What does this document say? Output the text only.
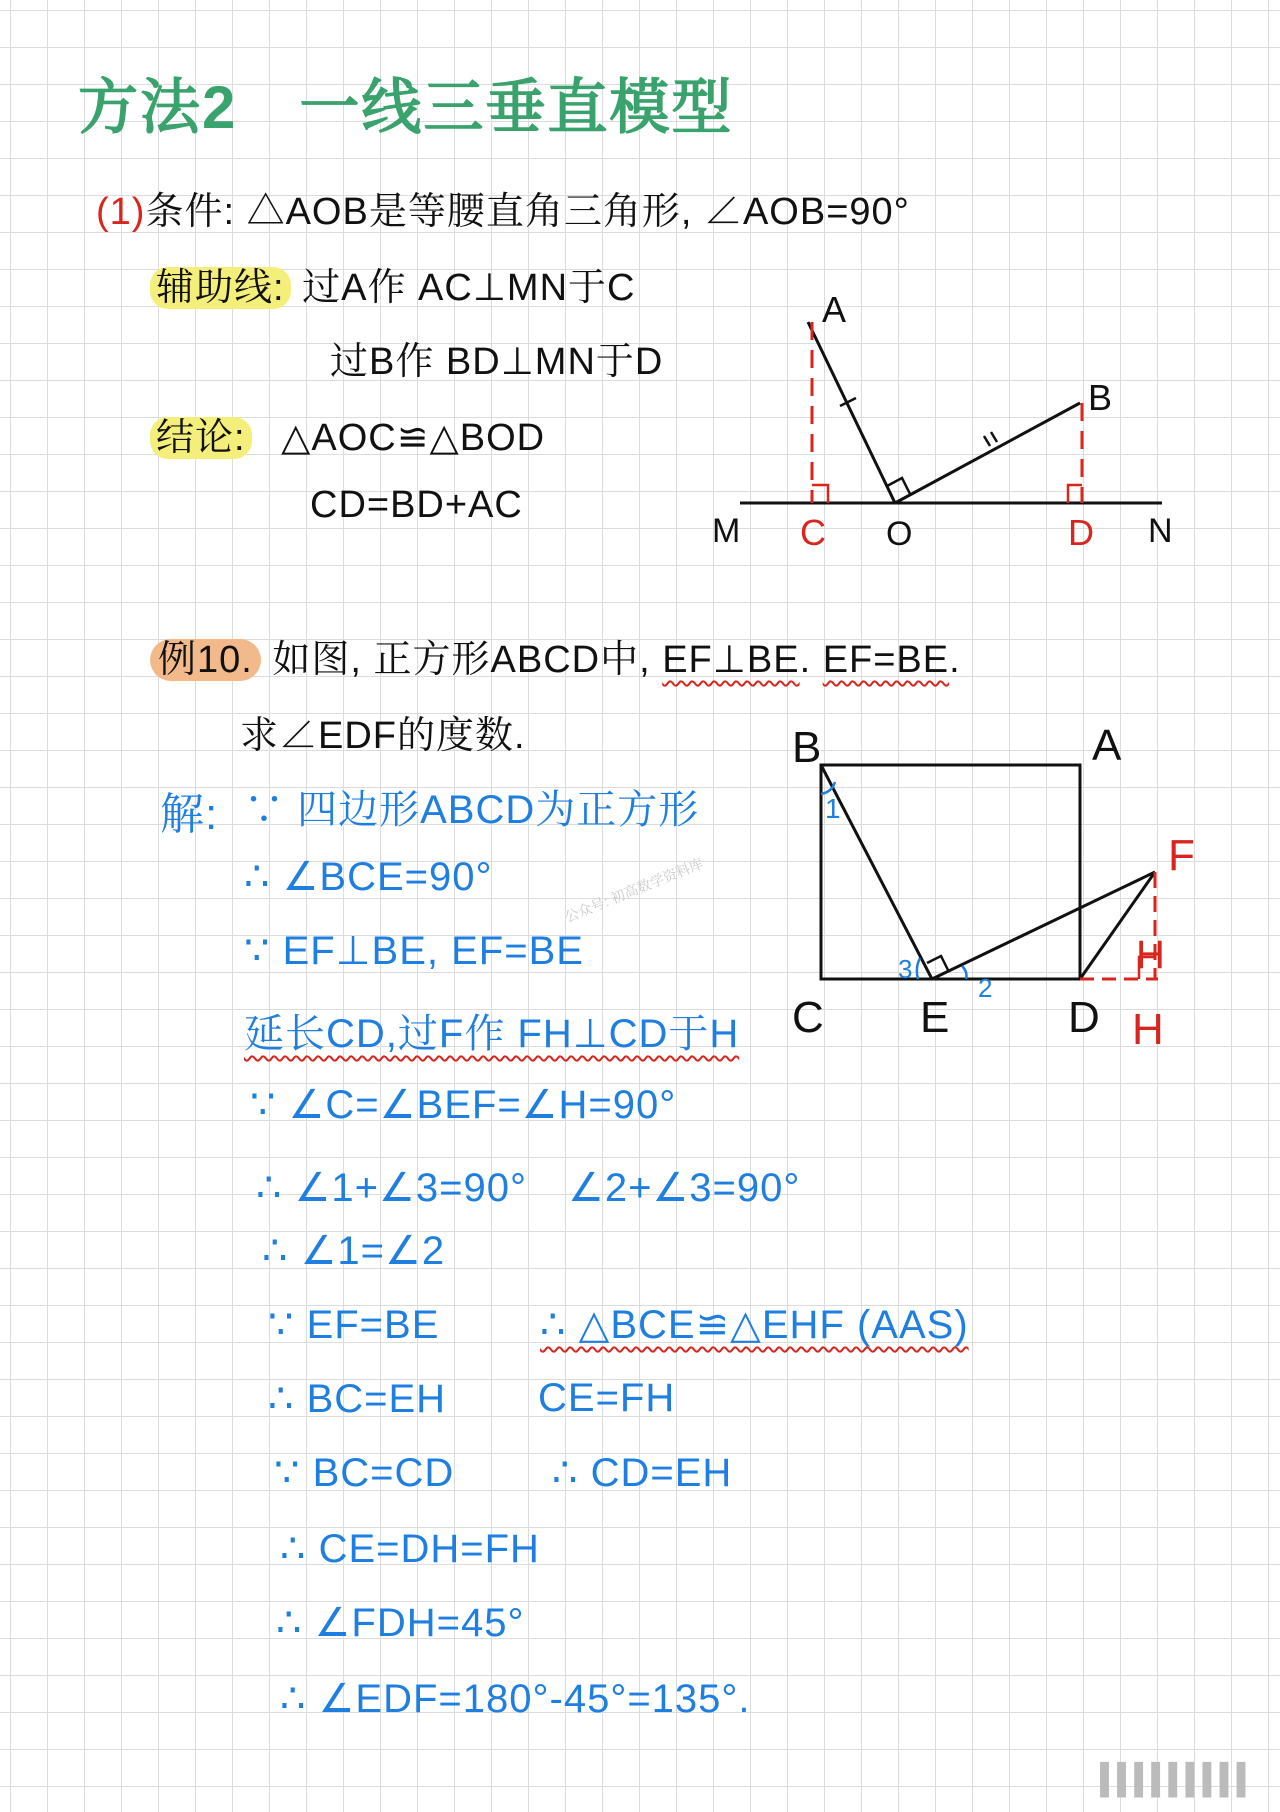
方法2　一线三垂直模型
(1)条件: △AOB是等腰直角三角形, ∠AOB=90°
辅助线: 过A作 AC⊥MN于C
过B作 BD⊥MN于D
结论: △AOC≌△BOD
CD=BD+AC
A
B
M C O	D N
例10. 如图, 正方形ABCD中, EF⊥BE. EF=BE.
求∠EDF的度数.
解: ∵ 四边形ABCD为正方形
∴ ∠BCE=90°
∵ EF⊥BE, EF=BE
延长CD,过F作 FH⊥CD于H
∵ ∠C=∠BEF=∠H=90°
∴ ∠1+∠3=90°　∠2+∠3=90°
∴ ∠1=∠2
∵ EF=BE	∴ △BCE≌△EHF (AAS)
∴ BC=EH CE=FH
∵ BC=CD ∴ CD=EH
∴ CE=DH=FH
∴ ∠FDH=45°
∴ ∠EDF=180°-45°=135°.
公众号: 初高数学资料库
1
2
3
B	A
F
C E	D
H
H
▍▍▍▍▍▍▍▍▍
